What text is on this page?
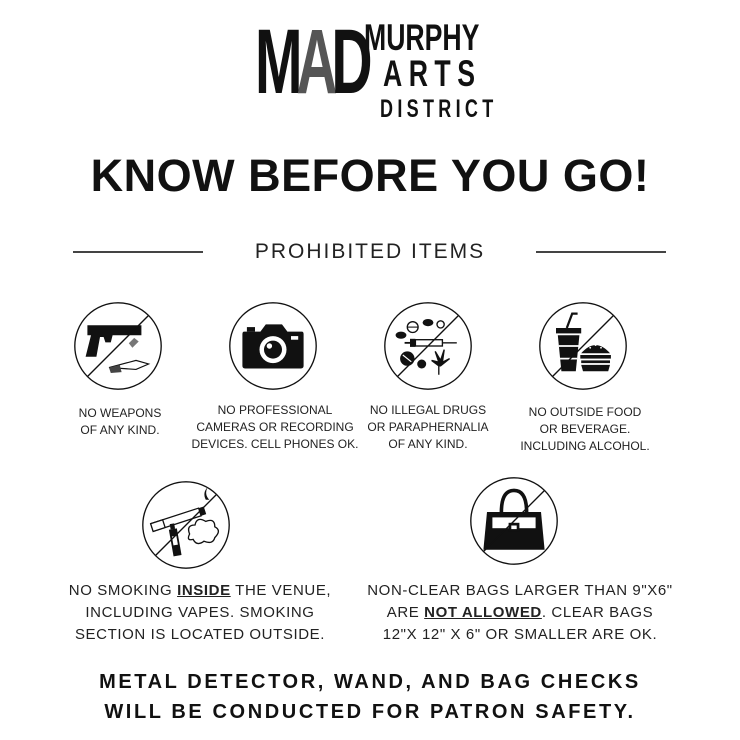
MAD
MURPHY
ARTS
DISTRICT
KNOW BEFORE YOU GO!
PROHIBITED ITEMS
NO WEAPONS
OF ANY KIND.
NO PROFESSIONAL
CAMERAS OR RECORDING
DEVICES. CELL PHONES OK.
NO ILLEGAL DRUGS
OR PARAPHERNALIA
OF ANY KIND.
NO OUTSIDE FOOD
OR BEVERAGE.
INCLUDING ALCOHOL.
NO SMOKING INSIDE THE VENUE,
INCLUDING VAPES. SMOKING
SECTION IS LOCATED OUTSIDE.
NON-CLEAR BAGS LARGER THAN 9"X6"
ARE NOT ALLOWED. CLEAR BAGS
12"X 12" X 6" OR SMALLER ARE OK.
METAL DETECTOR, WAND, AND BAG CHECKS
WILL BE CONDUCTED FOR PATRON SAFETY.
